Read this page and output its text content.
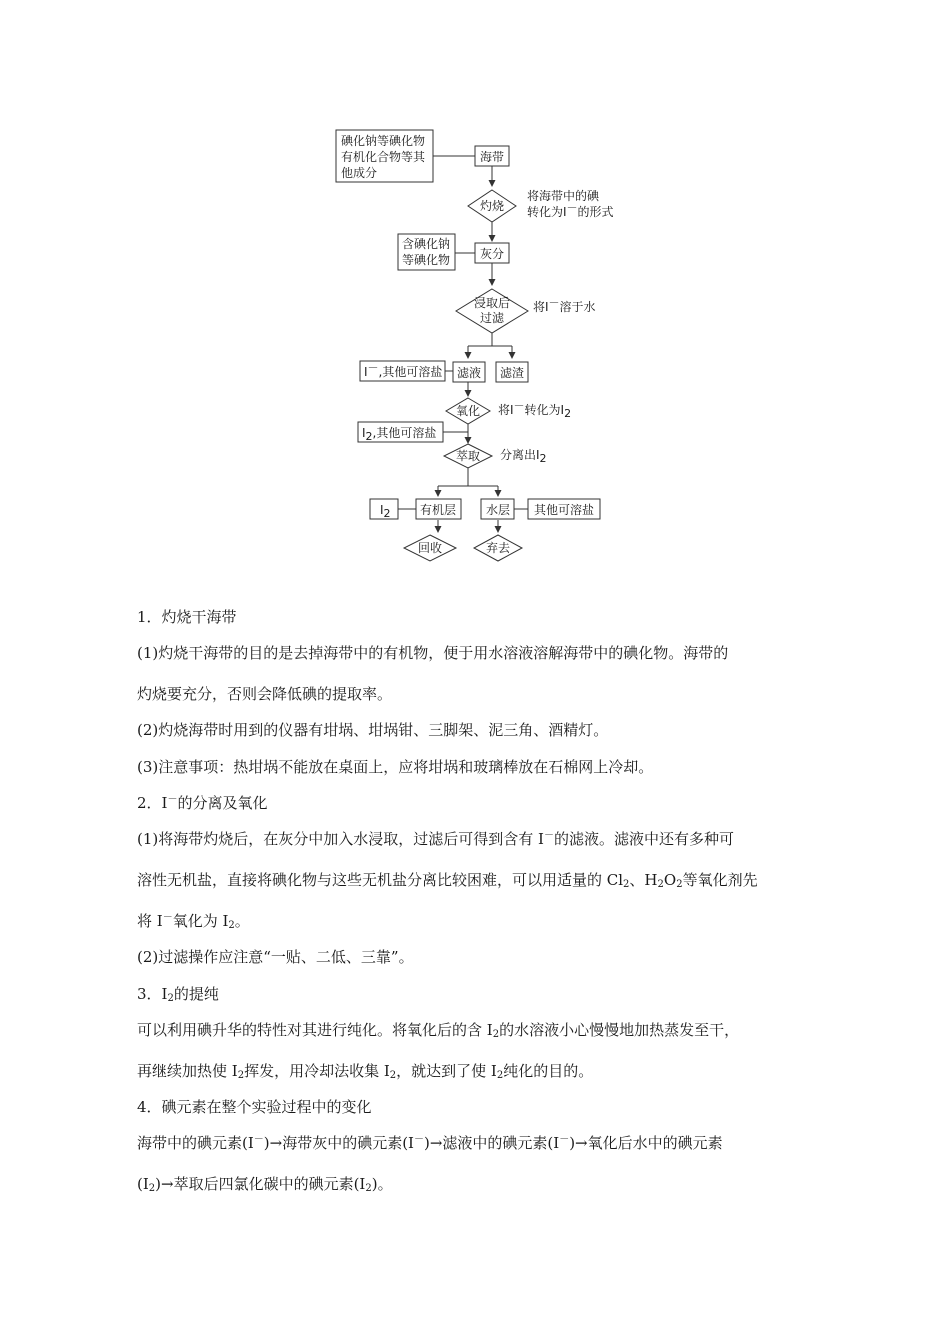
碘化钠等碘化物
有机化合物等其
他成分
海带
灼烧
将海带中的碘
转化为I－的形式
含碘化钠
等碘化物 灰分
浸取后
过滤
将I－溶于水
I－,其他可溶盐 滤液 滤渣
氧化 将I－转化为I2
I2,其他可溶盐
萃取 分离出I2
I2 有机层 水层 其他可溶盐
回收	弃去
1．灼烧干海带
(1)灼烧干海带的目的是去掉海带中的有机物，便于用水溶液溶解海带中的碘化物。海带的
灼烧要充分，否则会降低碘的提取率。
(2)灼烧海带时用到的仪器有坩埚、坩埚钳、三脚架、泥三角、酒精灯。
(3)注意事项：热坩埚不能放在桌面上，应将坩埚和玻璃棒放在石棉网上冷却。
2．I－的分离及氧化
(1)将海带灼烧后，在灰分中加入水浸取，过滤后可得到含有 I－的滤液。滤液中还有多种可
溶性无机盐，直接将碘化物与这些无机盐分离比较困难，可以用适量的 $Cl_2$、$H_2O_2$等氧化剂先
将 I－氧化为 $I_2$。
(2)过滤操作应注意“一贴、二低、三靠”。
3．$I_2$的提纯
可以利用碘升华的特性对其进行纯化。将氧化后的含 $I_2$的水溶液小心慢慢地加热蒸发至干，
再继续加热使 $I_2$挥发，用冷却法收集 $I_2$，就达到了使 $I_2$纯化的目的。
4．碘元素在整个实验过程中的变化
海带中的碘元素(I－)→海带灰中的碘元素(I－)→滤液中的碘元素(I－)→氧化后水中的碘元素
$(I_2)\to$萃取后四氯化碳中的碘元素$(I_2)$。
